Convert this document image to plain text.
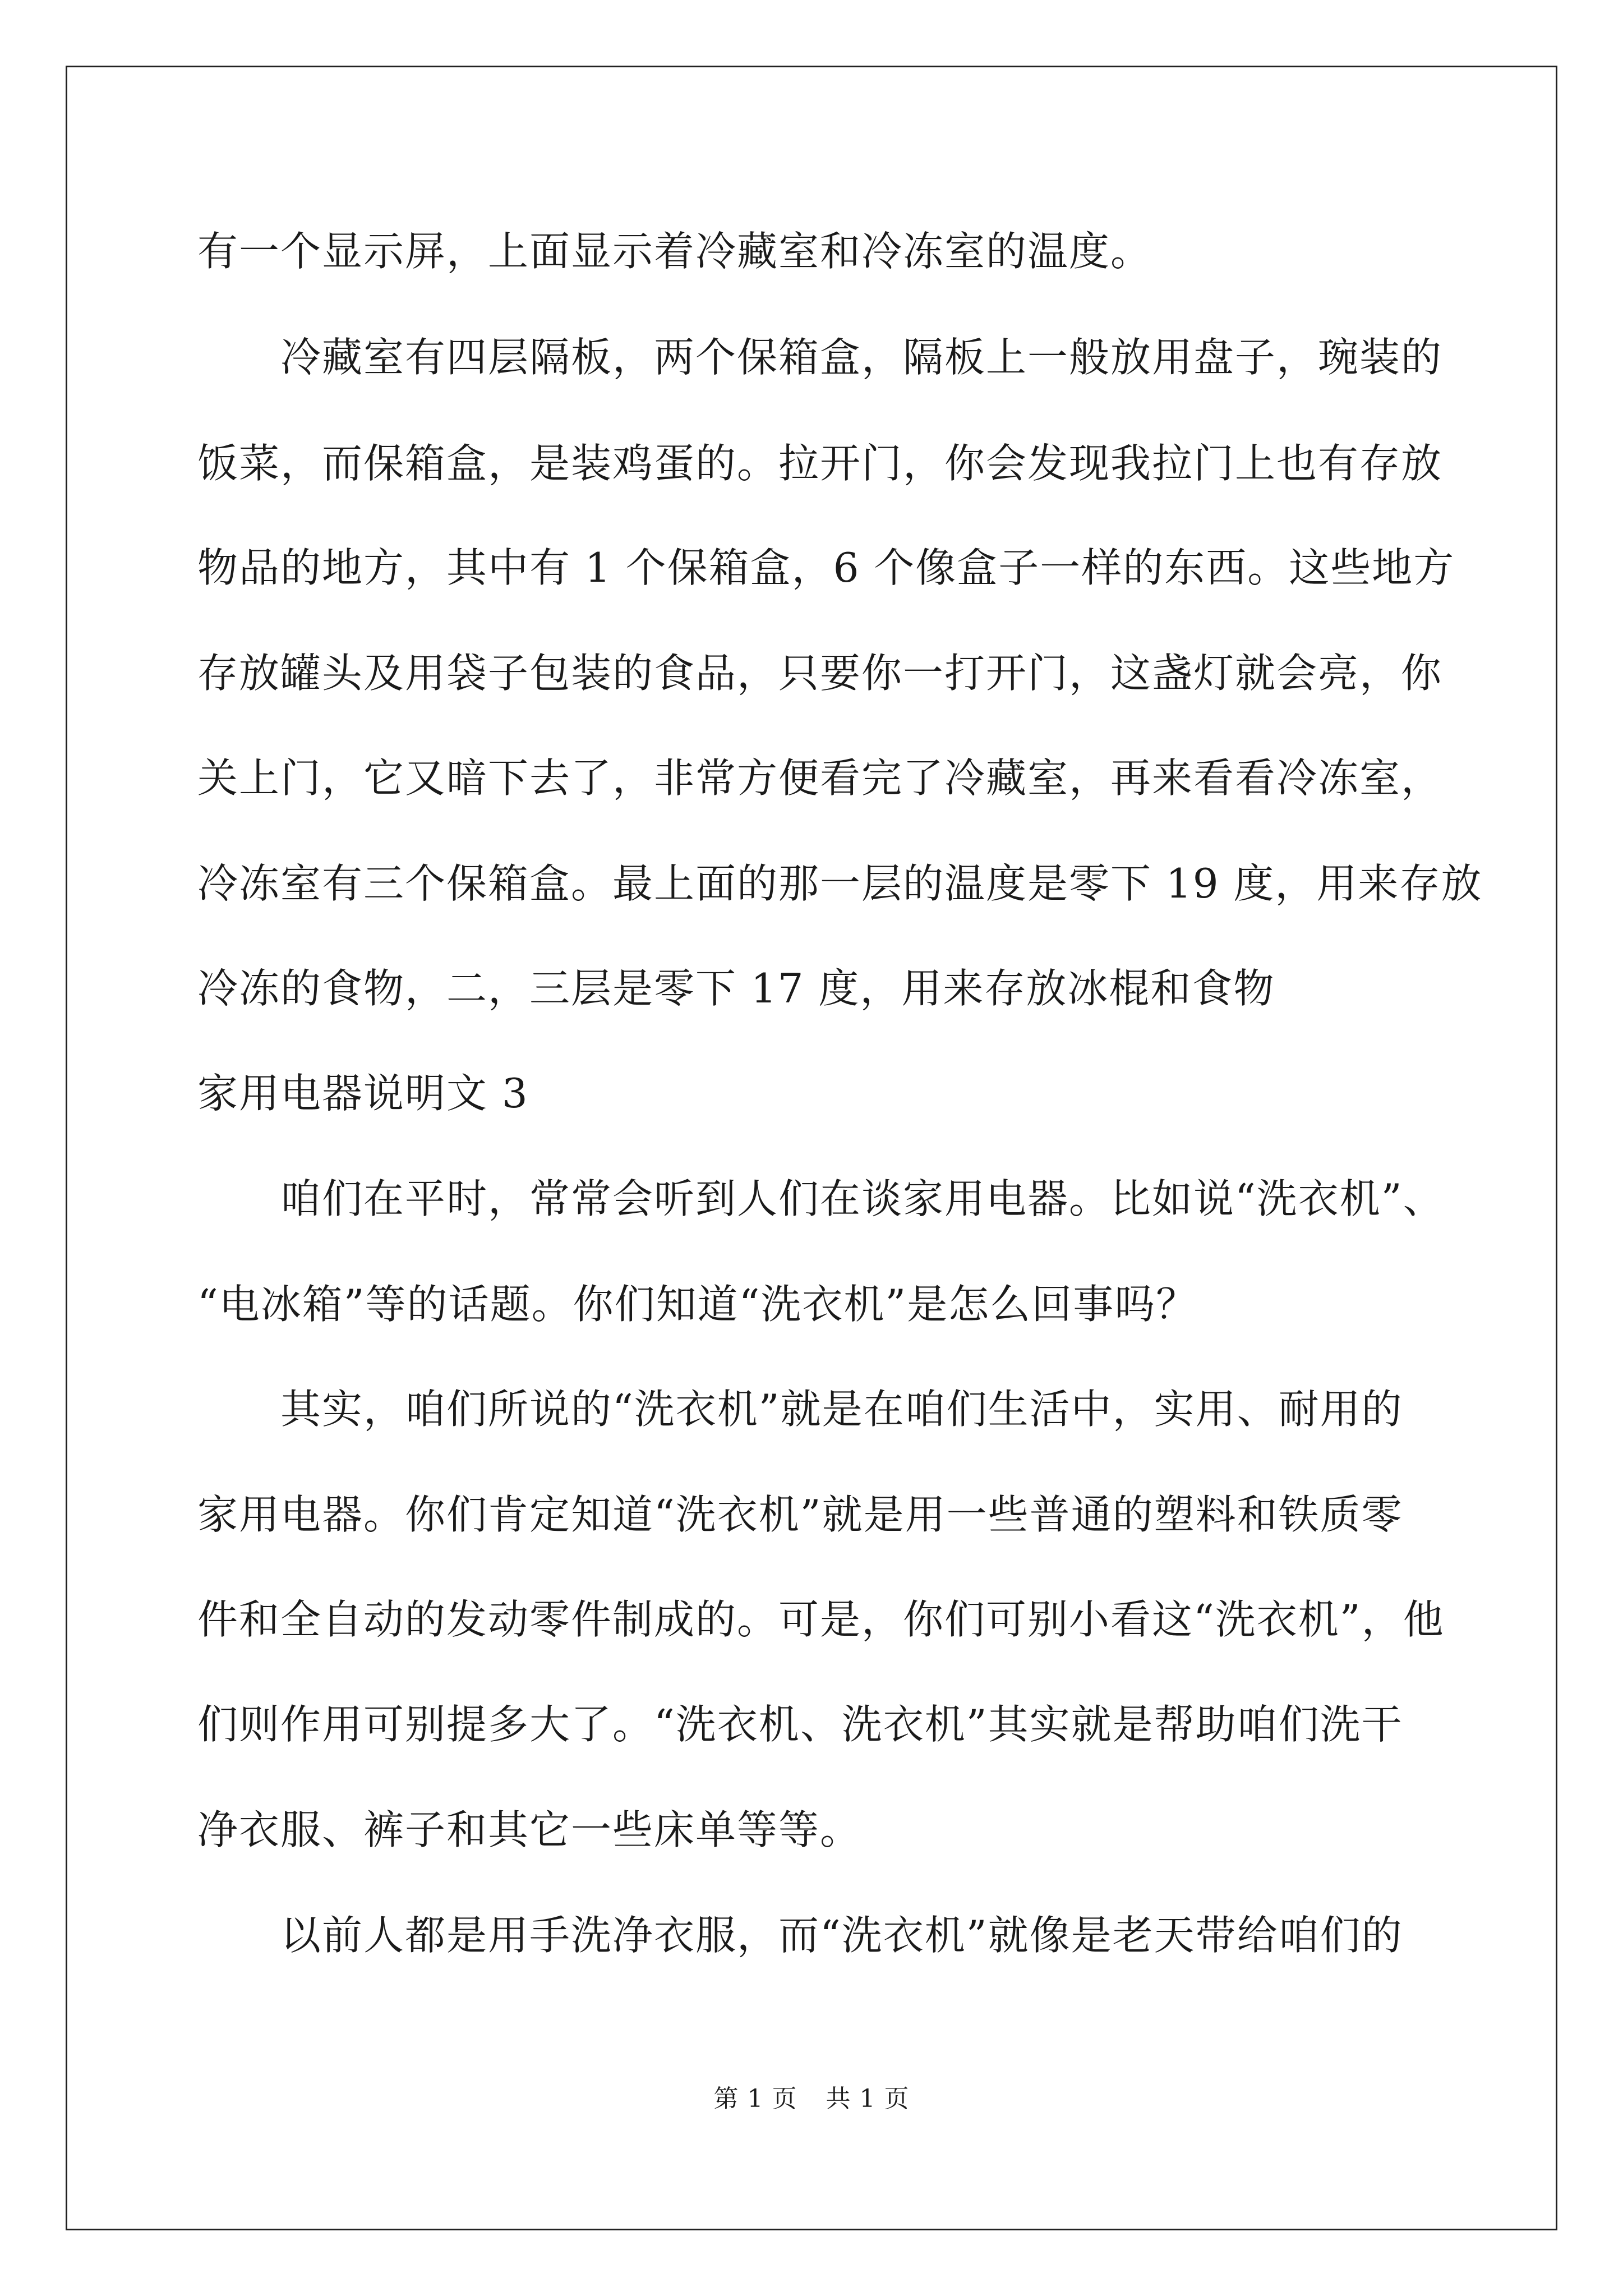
有一个显示屏，上面显示着冷藏室和冷冻室的温度。
　　冷藏室有四层隔板，两个保箱盒，隔板上一般放用盘子，琬装的
饭菜，而保箱盒，是装鸡蛋的。拉开门，你会发现我拉门上也有存放
物品的地方，其中有 1 个保箱盒，6 个像盒子一样的东西。这些地方
存放罐头及用袋子包装的食品，只要你一打开门，这盏灯就会亮，你
关上门，它又暗下去了，非常方便看完了冷藏室，再来看看冷冻室，
冷冻室有三个保箱盒。最上面的那一层的温度是零下 19 度，用来存放
冷冻的食物，二，三层是零下 17 度，用来存放冰棍和食物
家用电器说明文 3
　　咱们在平时，常常会听到人们在谈家用电器。比如说“洗衣机”、
“电冰箱”等的话题。你们知道“洗衣机”是怎么回事吗？
　　其实，咱们所说的“洗衣机”就是在咱们生活中，实用、耐用的
家用电器。你们肯定知道“洗衣机”就是用一些普通的塑料和铁质零
件和全自动的发动零件制成的。可是，你们可别小看这“洗衣机”，他
们则作用可别提多大了。“洗衣机、洗衣机”其实就是帮助咱们洗干
净衣服、裤子和其它一些床单等等。
　　以前人都是用手洗净衣服，而“洗衣机”就像是老天带给咱们的
第 1 页 共 1 页
